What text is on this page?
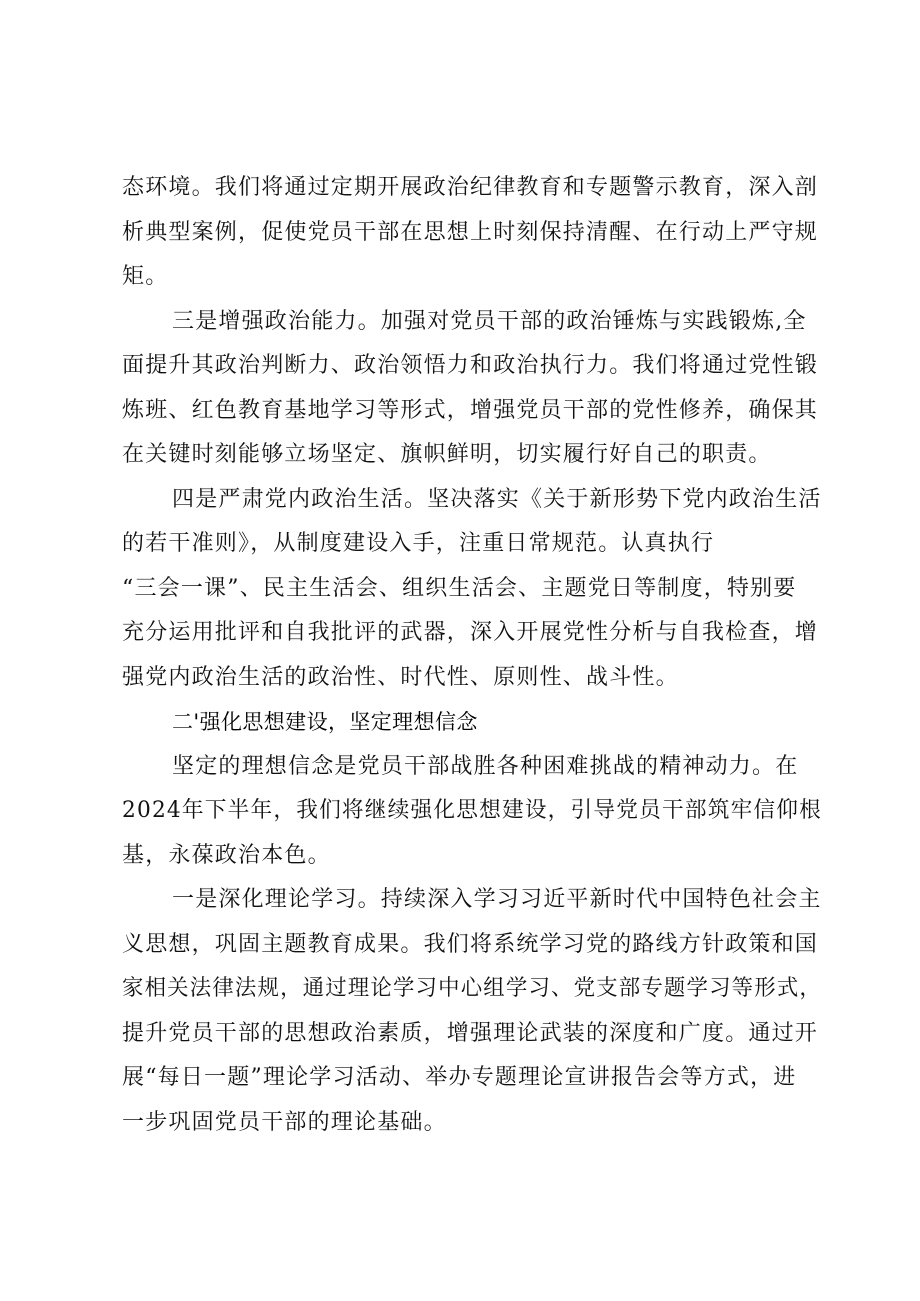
态环境。我们将通过定期开展政治纪律教育和专题警示教育，深入剖
析典型案例，促使党员干部在思想上时刻保持清醒、在行动上严守规
矩。
三是增强政治能力。加强对党员干部的政治锤炼与实践锻炼,全
面提升其政治判断力、政治领悟力和政治执行力。我们将通过党性锻
炼班、红色教育基地学习等形式，增强党员干部的党性修养，确保其
在关键时刻能够立场坚定、旗帜鲜明，切实履行好自己的职责。
四是严肃党内政治生活。坚决落实《关于新形势下党内政治生活
的若干准则》，从制度建设入手，注重日常规范。认真执行
“三会一课”、民主生活会、组织生活会、主题党日等制度，特别要
充分运用批评和自我批评的武器，深入开展党性分析与自我检查，增
强党内政治生活的政治性、时代性、原则性、战斗性。
二'强化思想建设，坚定理想信念
坚定的理想信念是党员干部战胜各种困难挑战的精神动力。在
2024年下半年，我们将继续强化思想建设，引导党员干部筑牢信仰根
基，永葆政治本色。
一是深化理论学习。持续深入学习习近平新时代中国特色社会主
义思想，巩固主题教育成果。我们将系统学习党的路线方针政策和国
家相关法律法规，通过理论学习中心组学习、党支部专题学习等形式，
提升党员干部的思想政治素质，增强理论武装的深度和广度。通过开
展“每日一题”理论学习活动、举办专题理论宣讲报告会等方式，进
一步巩固党员干部的理论基础。
